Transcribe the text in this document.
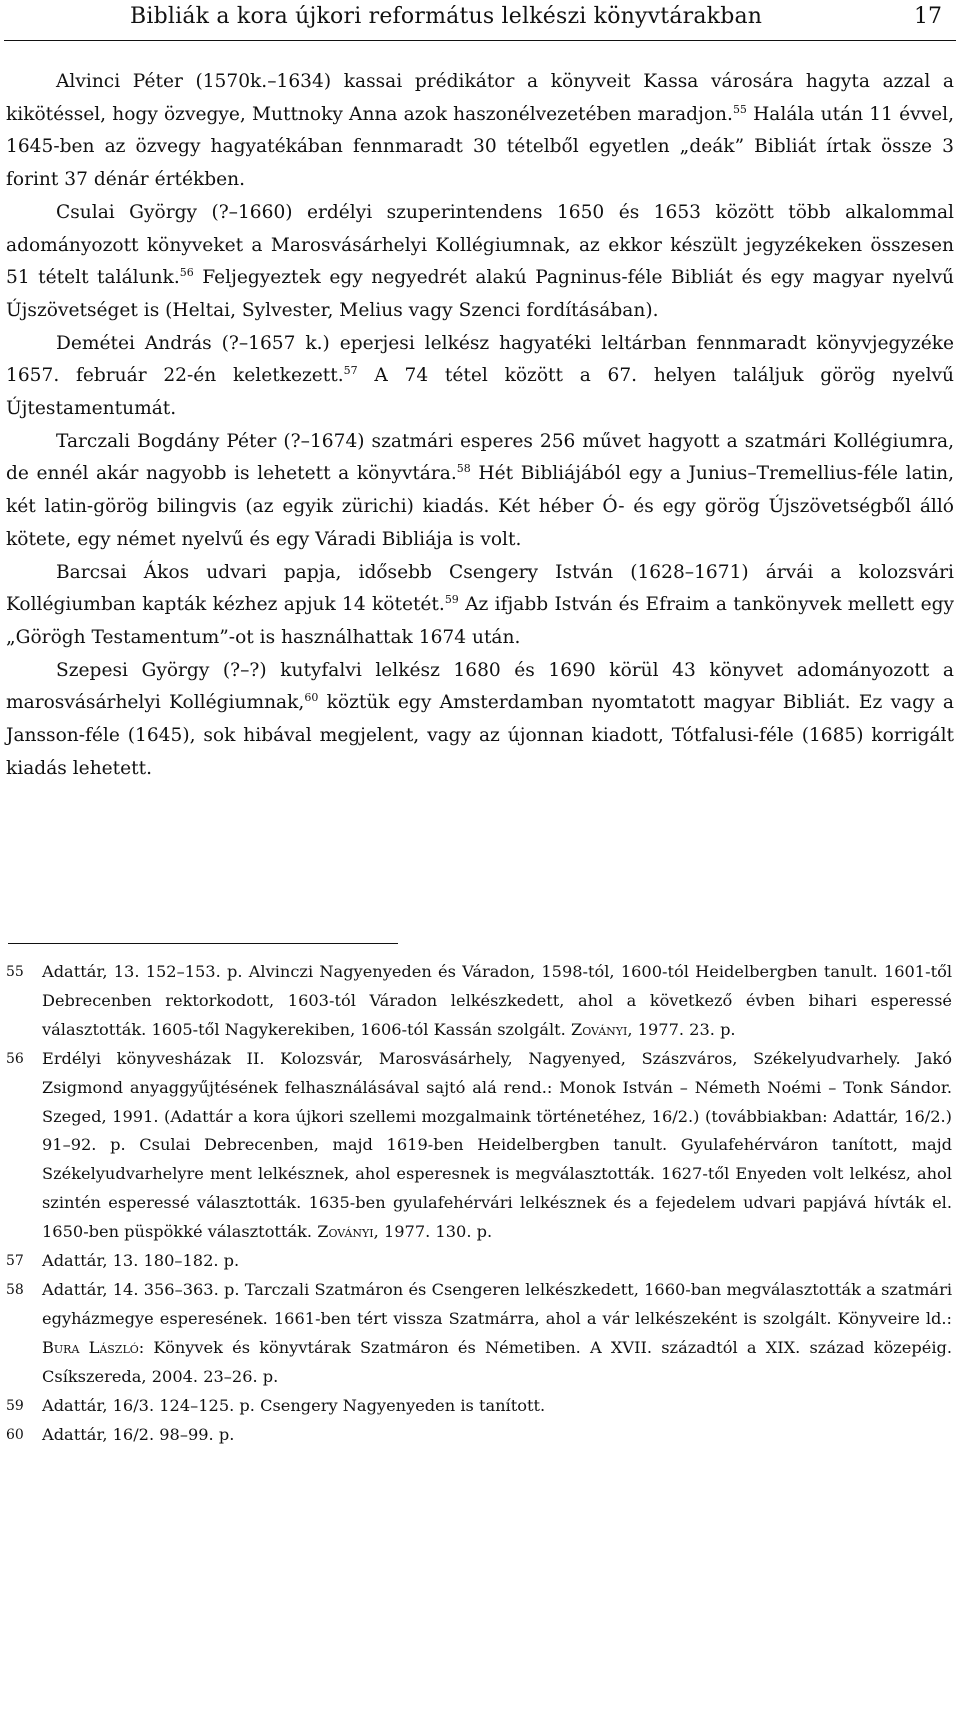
Bibliák a kora újkori református lelkészi könyvtárakban	17

Alvinci Péter (1570k.–1634) kassai prédikátor a könyveit Kassa városára hagyta azzal a kikötéssel, hogy özvegye, Muttnoky Anna azok haszonélvezetében maradjon.$^{55}$ Halála után 11 évvel, 1645-ben az özvegy hagyatékában fennmaradt 30 tételből egyetlen „deák” Bibliát írtak össze 3 forint 37 dénár értékben.

Csulai György (?–1660) erdélyi szuperintendens 1650 és 1653 között több alkalommal adományozott könyveket a Marosvásárhelyi Kollégiumnak, az ekkor készült jegyzékeken összesen 51 tételt találunk.$^{56}$ Feljegyeztek egy negyedrét alakú Pagninus-féle Bibliát és egy magyar nyelvű Újszövetséget is (Heltai, Sylvester, Melius vagy Szenci fordításában).

Demétei András (?–1657 k.) eperjesi lelkész hagyatéki leltárban fennmaradt könyvjegyzéke 1657. február 22-én keletkezett.$^{57}$ A 74 tétel között a 67. helyen találjuk görög nyelvű Újtestamentumát.

Tarczali Bogdány Péter (?–1674) szatmári esperes 256 művet hagyott a szatmári Kollégiumra, de ennél akár nagyobb is lehetett a könyvtára.$^{58}$ Hét Bibliájából egy a Junius–Tremellius-féle latin, két latin-görög bilingvis (az egyik zürichi) kiadás. Két héber Ó- és egy görög Újszövetségből álló kötete, egy német nyelvű és egy Váradi Bibliája is volt.

Barcsai Ákos udvari papja, idősebb Csengery István (1628–1671) árvái a kolozsvári Kollégiumban kapták kézhez apjuk 14 kötetét.$^{59}$ Az ifjabb István és Efraim a tankönyvek mellett egy „Görögh Testamentum”-ot is használhattak 1674 után.

Szepesi György (?–?) kutyfalvi lelkész 1680 és 1690 körül 43 könyvet adományozott a marosvásárhelyi Kollégiumnak,$^{60}$ köztük egy Amsterdamban nyomtatott magyar Bibliát. Ez vagy a Jansson-féle (1645), sok hibával megjelent, vagy az újonnan kiadott, Tótfalusi-féle (1685) korrigált kiadás lehetett.

55	Adattár, 13. 152–153. p. Alvinczi Nagyenyeden és Váradon, 1598-tól, 1600-tól Heidelbergben tanult. 1601-től Debrecenben rektorkodott, 1603-tól Váradon lelkészkedett, ahol a következő évben bihari esperessé választották. 1605-től Nagykerekiben, 1606-tól Kassán szolgált. Zoványi, 1977. 23. p.
56	Erdélyi könyvesházak II. Kolozsvár, Marosvásárhely, Nagyenyed, Szászváros, Székelyudvarhely. Jakó Zsigmond anyaggyűjtésének felhasználásával sajtó alá rend.: Monok István – Németh Noémi – Tonk Sándor. Szeged, 1991. (Adattár a kora újkori szellemi mozgalmaink történetéhez, 16/2.) (továbbiakban: Adattár, 16/2.) 91–92. p. Csulai Debrecenben, majd 1619-ben Heidelbergben tanult. Gyulafehérváron tanított, majd Székelyudvarhelyre ment lelkésznek, ahol esperesnek is megválasztották. 1627-től Enyeden volt lelkész, ahol szintén esperessé választották. 1635-ben gyulafehérvári lelkésznek és a fejedelem udvari papjává hívták el. 1650-ben püspökké választották. Zoványi, 1977. 130. p.
57	Adattár, 13. 180–182. p.
58	Adattár, 14. 356–363. p. Tarczali Szatmáron és Csengeren lelkészkedett, 1660-ban megválasztották a szatmári egyházmegye esperesének. 1661-ben tért vissza Szatmárra, ahol a vár lelkészeként is szolgált. Könyveire ld.: Bura László: Könyvek és könyvtárak Szatmáron és Németiben. A XVII. századtól a XIX. század közepéig. Csíkszereda, 2004. 23–26. p.
59	Adattár, 16/3. 124–125. p. Csengery Nagyenyeden is tanított.
60	Adattár, 16/2. 98–99. p.
